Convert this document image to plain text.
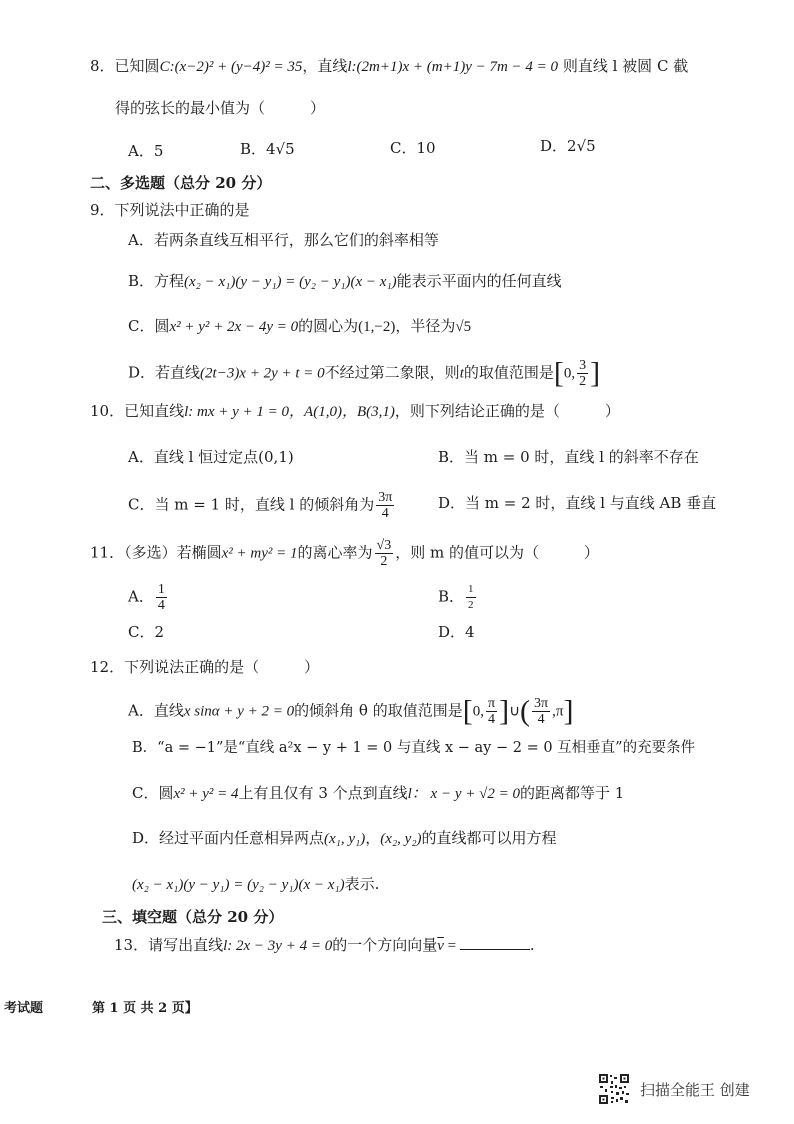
8．已知圆C:(x−2)² + (y−4)² = 35，直线l:(2m+1)x + (m+1)y − 7m − 4 = 0 则直线 l 被圆 C 截
得的弦长的最小值为（　　　）
A．5	B．4√5	C．10	D．2√5
二、多选题（总分 20 分）
9．下列说法中正确的是
A．若两条直线互相平行，那么它们的斜率相等
B．方程(x₂ − x₁)(y − y₁) = (y₂ − y₁)(x − x₁)能表示平面内的任何直线
C．圆x² + y² + 2x − 4y = 0的圆心为(1,−2)，半径为√5
D．若直线(2t−3)x + 2y + t = 0不经过第二象限，则t的取值范围是[0, $\frac{3}{2}$ ]
10．已知直线l: mx + y + 1 = 0，A(1,0)，B(3,1)，则下列结论正确的是（　　　）
A．直线 l 恒过定点(0,1)	B．当 m = 0 时，直线 l 的斜率不存在
C．当 m = 1 时，直线 l 的倾斜角为 $\frac{3\pi}{4}$	D．当 m = 2 时，直线 l 与直线 AB 垂直
11．（多选）若椭圆x² + my² = 1的离心率为 $\frac{√3}{2}$ ，则 m 的值可以为（　　　）
A． $\frac{1}{4}$	B． $\frac{1}{2}$
C．2	D．4
12．下列说法正确的是（　　　）
A．直线x sinα + y + 2 = 0的倾斜角 θ 的取值范围是[0, $\frac{\pi}{4}$ ]∪( $\frac{3\pi}{4} ,\pi$]
B．“a = −1”是“直线 a²x − y + 1 = 0 与直线 x − ay − 2 = 0 互相垂直”的充要条件
C．圆x² + y² = 4上有且仅有 3 个点到直线l： x − y + √2 = 0的距离都等于 1
D．经过平面内任意相异两点(x₁, y₁)，(x₂, y₂)的直线都可以用方程
(x₂ − x₁)(y − y₁) = (y₂ − y₁)(x − x₁)表示.
三、填空题（总分 20 分）
13．请写出直线l: 2x − 3y + 4 = 0的一个方向向量$\overline{v}$ =	.
考试题	第 1 页 共 2 页】
扫描全能王 创建
